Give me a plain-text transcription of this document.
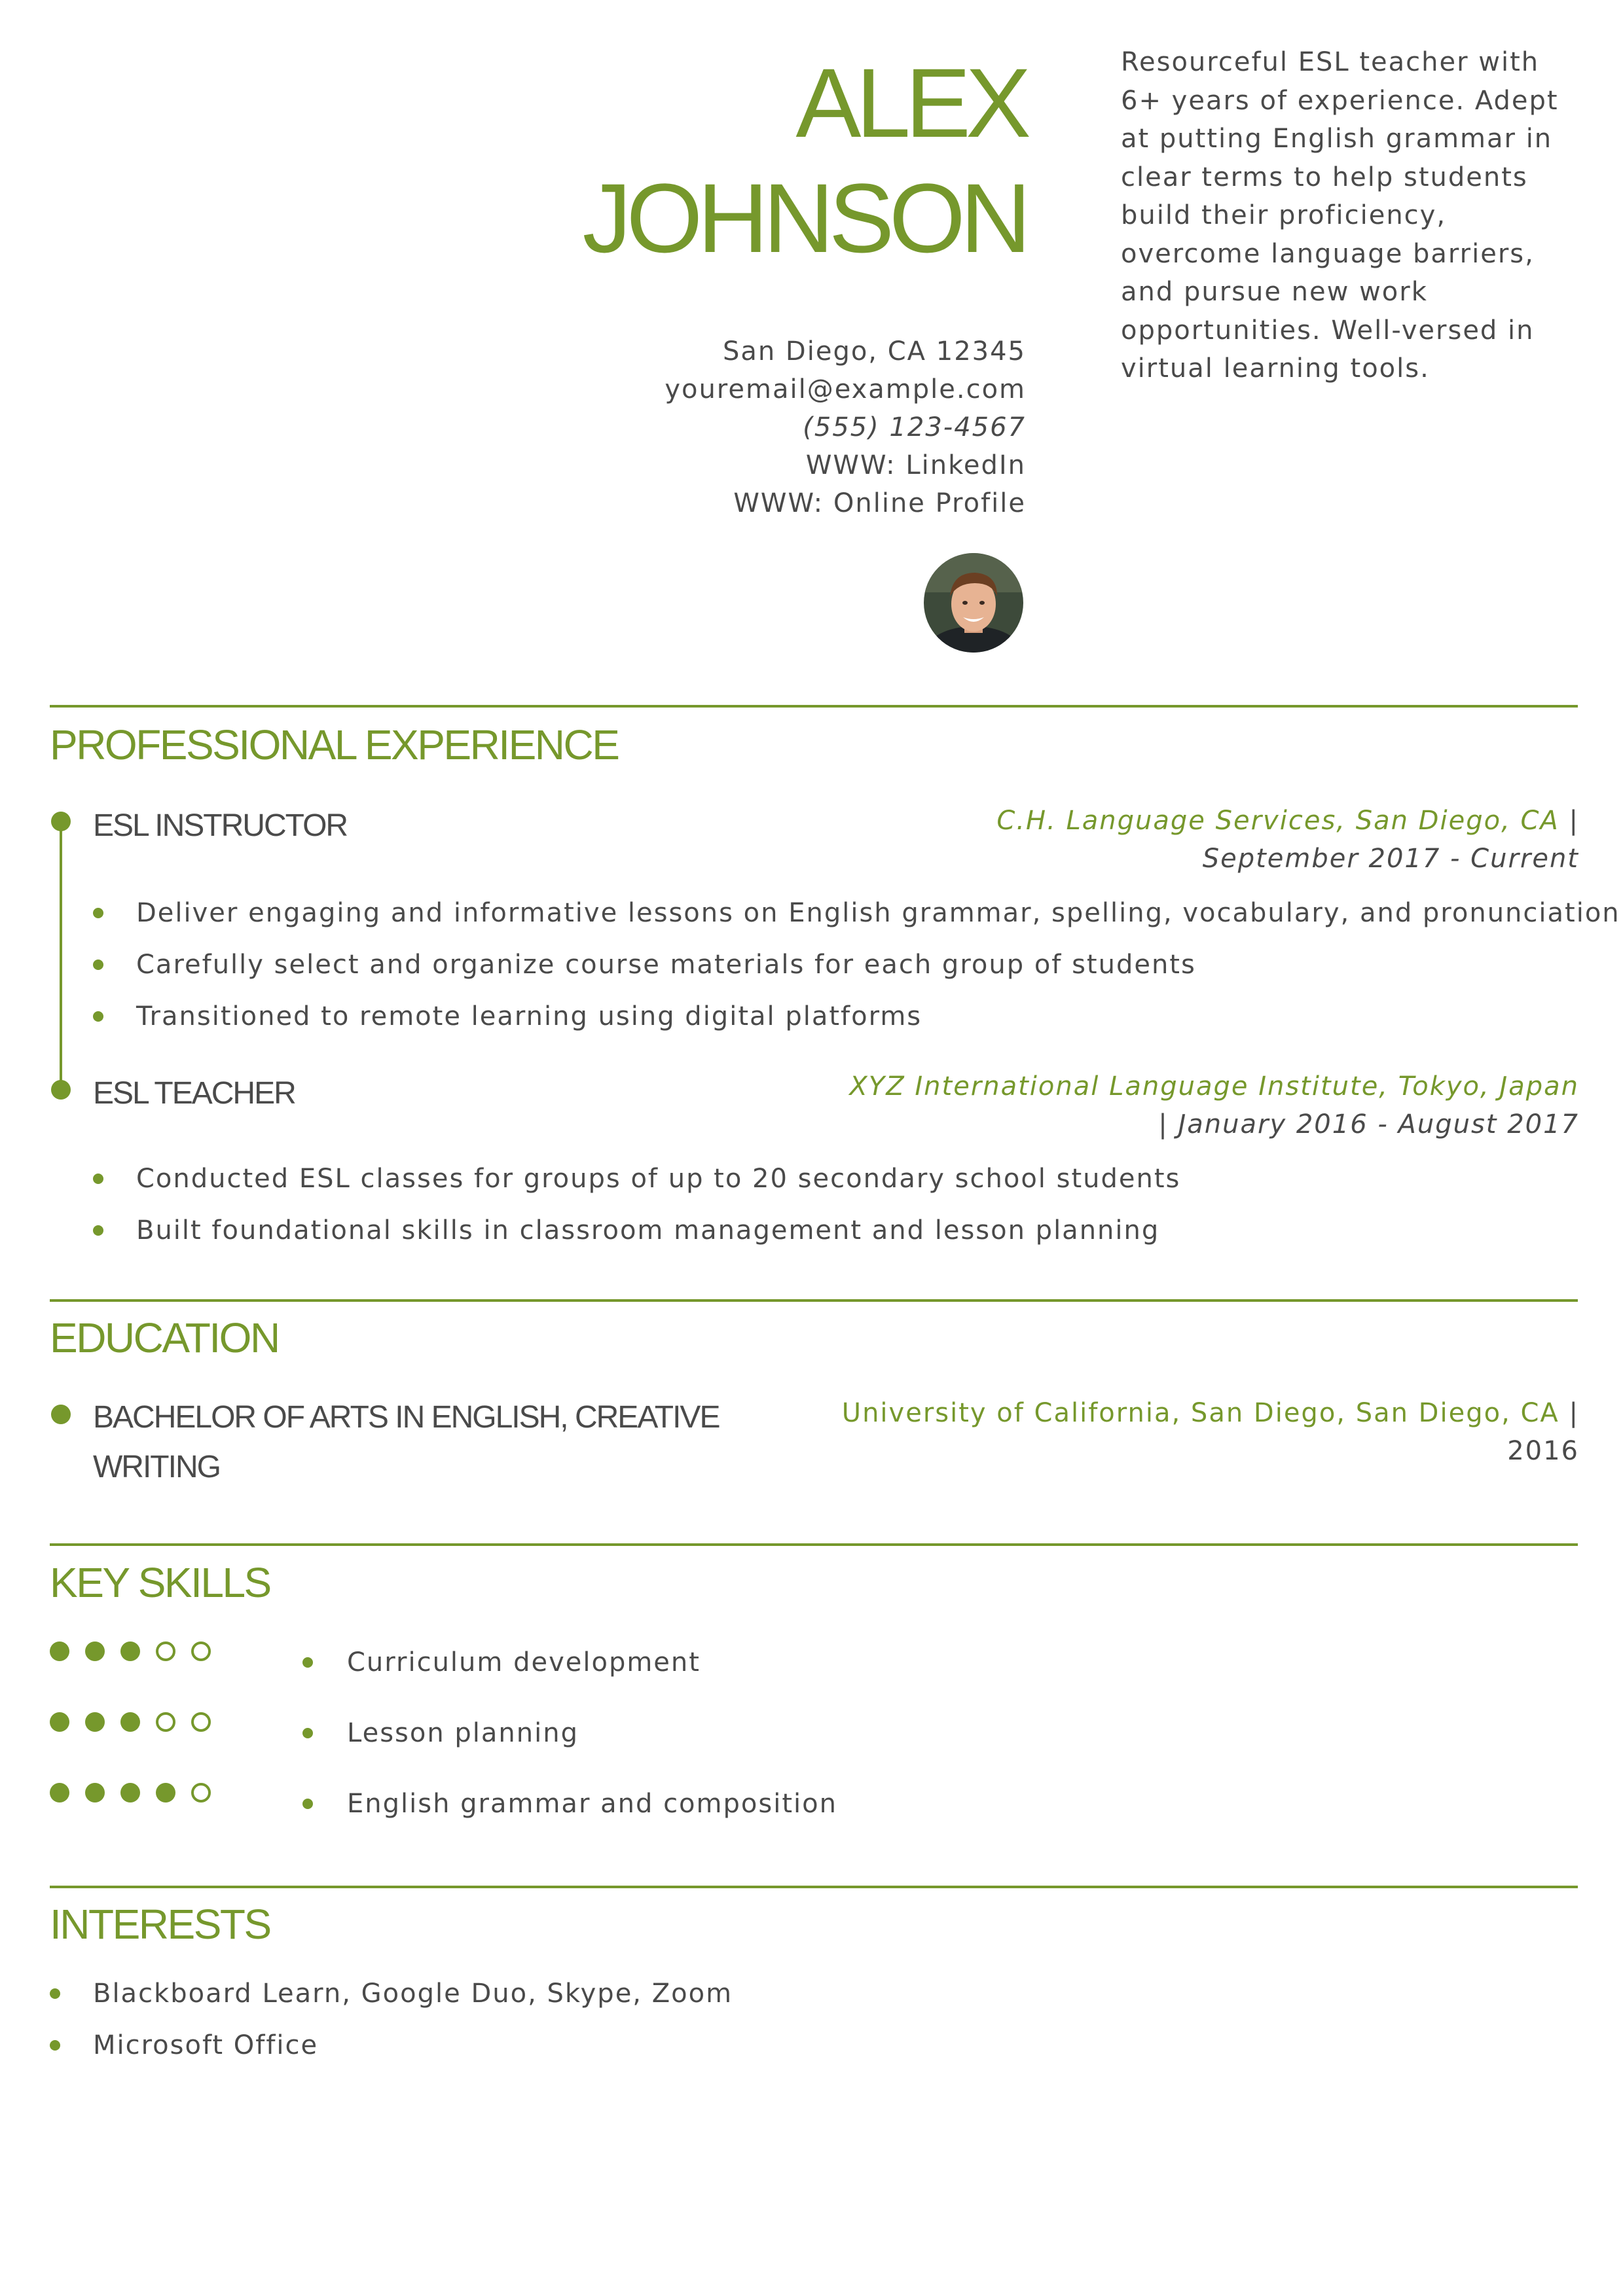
ALEX
JOHNSON
San Diego, CA 12345
youremail@example.com
(555) 123-4567
WWW: LinkedIn
WWW: Online Profile
Resourceful ESL teacher with 6+ years of experience. Adept at putting English grammar in clear terms to help students build their proficiency, overcome language barriers, and pursue new work opportunities. Well-versed in virtual learning tools.
PROFESSIONAL EXPERIENCE
ESL INSTRUCTOR	C.H. Language Services, San Diego, CA |
September 2017 - Current
Deliver engaging and informative lessons on English grammar, spelling, vocabulary, and pronunciation
Carefully select and organize course materials for each group of students
Transitioned to remote learning using digital platforms
ESL TEACHER	XYZ International Language Institute, Tokyo, Japan
| January 2016 - August 2017
Conducted ESL classes for groups of up to 20 secondary school students
Built foundational skills in classroom management and lesson planning
EDUCATION
BACHELOR OF ARTS IN ENGLISH, CREATIVE WRITING
University of California, San Diego, San Diego, CA |
2016
KEY SKILLS
Curriculum development
Lesson planning
English grammar and composition
INTERESTS
Blackboard Learn, Google Duo, Skype, Zoom
Microsoft Office
